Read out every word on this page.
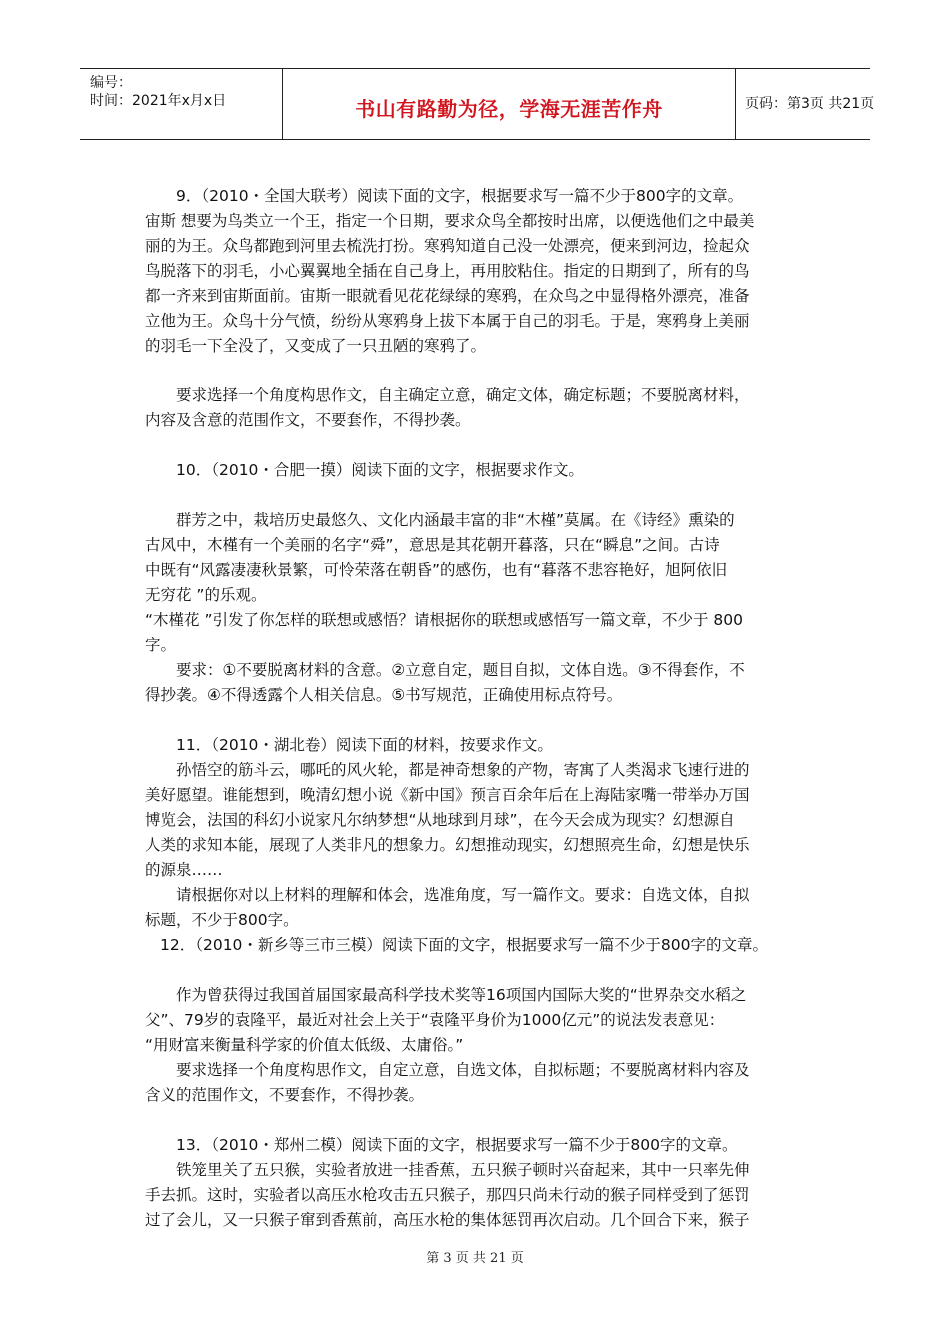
编号：
时间：2021年x月x日	书山有路勤为径，学海无涯苦作舟	页码：第3页 共21页
9．（2010・全国大联考）阅读下面的文字，根据要求写一篇不少于800字的文章。
宙斯 想要为鸟类立一个王，指定一个日期，要求众鸟全都按时出席，以便选他们之中最美
丽的为王。众鸟都跑到河里去梳洗打扮。寒鸦知道自己没一处漂亮，便来到河边，捡起众
鸟脱落下的羽毛，小心翼翼地全插在自己身上，再用胶粘住。指定的日期到了，所有的鸟
都一齐来到宙斯面前。宙斯一眼就看见花花绿绿的寒鸦，在众鸟之中显得格外漂亮，准备
立他为王。众鸟十分气愤，纷纷从寒鸦身上拔下本属于自己的羽毛。于是，寒鸦身上美丽
的羽毛一下全没了，又变成了一只丑陋的寒鸦了。
要求选择一个角度构思作文，自主确定立意，确定文体，确定标题；不要脱离材料，
内容及含意的范围作文，不要套作，不得抄袭。
10．（2010・合肥一摸）阅读下面的文字，根据要求作文。
群芳之中，栽培历史最悠久、文化内涵最丰富的非“木槿”莫属。在《诗经》熏染的
古风中，木槿有一个美丽的名字“舜”，意思是其花朝开暮落，只在“瞬息”之间。古诗
中既有“风露凄凄秋景繁，可怜荣落在朝昏”的感伤，也有“暮落不悲容艳好，旭阿依旧
无穷花 ”的乐观。
“木槿花 ”引发了你怎样的联想或感悟？请根据你的联想或感悟写一篇文章，不少于 800
字。
要求：①不要脱离材料的含意。②立意自定，题目自拟，文体自选。③不得套作，不
得抄袭。④不得透露个人相关信息。⑤书写规范，正确使用标点符号。
11．（2010・湖北卷）阅读下面的材料，按要求作文。
孙悟空的筋斗云，哪吒的风火轮，都是神奇想象的产物，寄寓了人类渴求飞速行进的
美好愿望。谁能想到，晚清幻想小说《新中国》预言百余年后在上海陆家嘴一带举办万国
博览会，法国的科幻小说家凡尔纳梦想“从地球到月球”，在今天会成为现实？幻想源自
人类的求知本能，展现了人类非凡的想象力。幻想推动现实，幻想照亮生命，幻想是快乐
的源泉……
请根据你对以上材料的理解和体会，选准角度，写一篇作文。要求：自选文体，自拟
标题，不少于800字。
12．（2010・新乡等三市三模）阅读下面的文字，根据要求写一篇不少于800字的文章。
作为曾获得过我国首届国家最高科学技术奖等16项国内国际大奖的“世界杂交水稻之
父”、79岁的袁隆平，最近对社会上关于“袁隆平身价为1000亿元”的说法发表意见：
“用财富来衡量科学家的价值太低级、太庸俗。”
要求选择一个角度构思作文，自定立意，自选文体，自拟标题；不要脱离材料内容及
含义的范围作文，不要套作，不得抄袭。
13．（2010・郑州二模）阅读下面的文字，根据要求写一篇不少于800字的文章。
铁笼里关了五只猴，实验者放进一挂香蕉，五只猴子顿时兴奋起来，其中一只率先伸
手去抓。这时，实验者以高压水枪攻击五只猴子，那四只尚未行动的猴子同样受到了惩罚
过了会儿，又一只猴子窜到香蕉前，高压水枪的集体惩罚再次启动。几个回合下来，猴子
第 3 页 共 21 页
